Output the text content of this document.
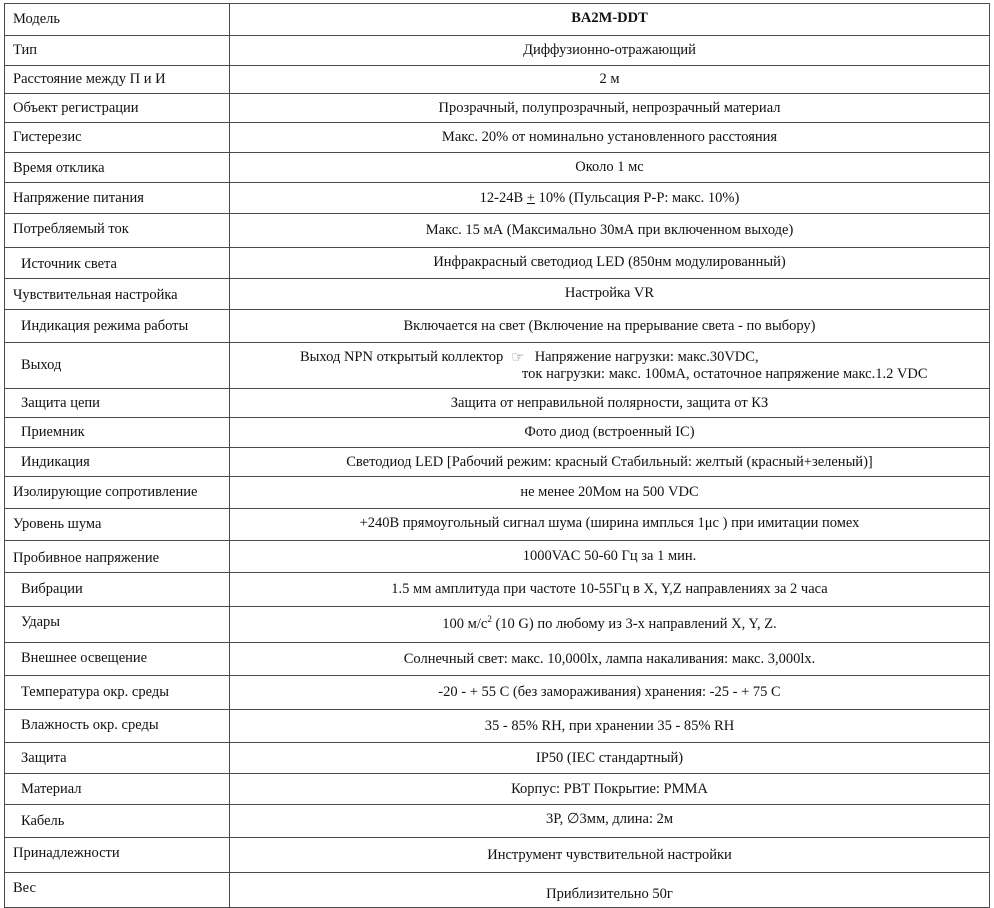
Модель	BA2M-DDT
Тип	Диффузионно-отражающий
Расстояние между П и И	2 м
Объект регистрации	Прозрачный, полупрозрачный, непрозрачный материал
Гистерезис	Макс. 20% от номинально установленного расстояния
Время отклика	Около 1 мс
Напряжение питания	12-24В + 10% (Пульсация P-P: макс. 10%)
Потребляемый ток	Макс. 15 мА (Максимально 30мА при включенном выходе)
Источник света	Инфракрасный светодиод LED (850нм модулированный)
Чувствительная настройка	Настройка VR
Индикация режима работы	Включается на свет (Включение на прерывание света - по выбору)
Выход	Выход NPN открытый коллектор ☞ Напряжение нагрузки: макс.30VDC,
ток нагрузки: макс. 100мА, остаточное напряжение макс.1.2 VDC

Защита цепи	Защита от неправильной полярности, защита от КЗ
Приемник	Фото диод (встроенный IC)
Индикация	Светодиод LED [Рабочий режим: красный Стабильный: желтый (красный+зеленый)]
Изолирующие сопротивление	не менее 20Мом на 500 VDC
Уровень шума	+240В прямоугольный сигнал шума (ширина имплься 1μc ) при имитации помех
Пробивное напряжение	1000VAC 50-60 Гц за 1 мин.
Вибрации	1.5 мм амплитуда при частоте 10-55Гц в X, Y,Z направлениях за 2 часа
Удары	100 $м/с^2$ (10 G) по любому из 3-х направлений X, Y, Z.
Внешнее освещение	Солнечный свет: макс. 10,000lx, лампа накаливания: макс. 3,000lx.
Температура окр. среды	-20 - + 55 C (без замораживания) хранения: -25 - + 75 C
Влажность окр. среды	35 - 85% RH, при хранении 35 - 85% RH
Защита	IP50 (IEC стандартный)
Материал	Корпус: PBT Покрытие: PMMA
Кабель	3P, ∅3мм, длина: 2м
Принадлежности	Инструмент чувствительной настройки
Вес	Приблизительно 50г
